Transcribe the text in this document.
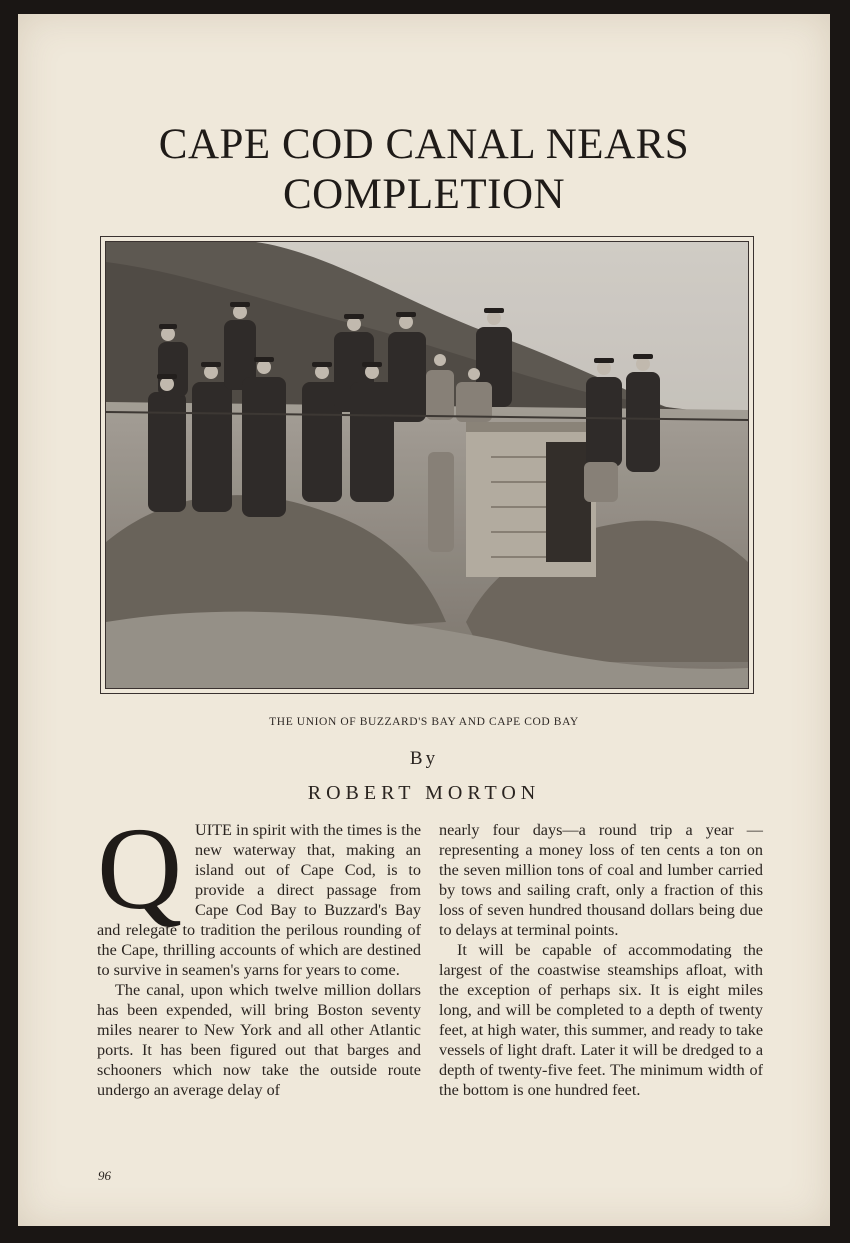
CAPE COD CANAL NEARS
COMPLETION
THE UNION OF BUZZARD'S BAY AND CAPE COD BAY
By
ROBERT MORTON
Q UITE in spirit with the times is the new waterway that, making an island out of Cape Cod, is to provide a direct passage from Cape Cod Bay to Buzzard's Bay and relegate to tradition the perilous rounding of the Cape, thrilling accounts of which are destined to survive in seamen's yarns for years to come.

The canal, upon which twelve million dollars has been expended, will bring Boston seventy miles nearer to New York and all other Atlantic ports. It has been figured out that barges and schooners which now take the outside route undergo an average delay of

nearly four days—a round trip a year —representing a money loss of ten cents a ton on the seven million tons of coal and lumber carried by tows and sailing craft, only a fraction of this loss of seven hundred thousand dollars being due to delays at terminal points.

It will be capable of accommodating the largest of the coastwise steamships afloat, with the exception of perhaps six. It is eight miles long, and will be completed to a depth of twenty feet, at high water, this summer, and ready to take vessels of light draft. Later it will be dredged to a depth of twenty-five feet. The minimum width of the bottom is one hundred feet.

96
